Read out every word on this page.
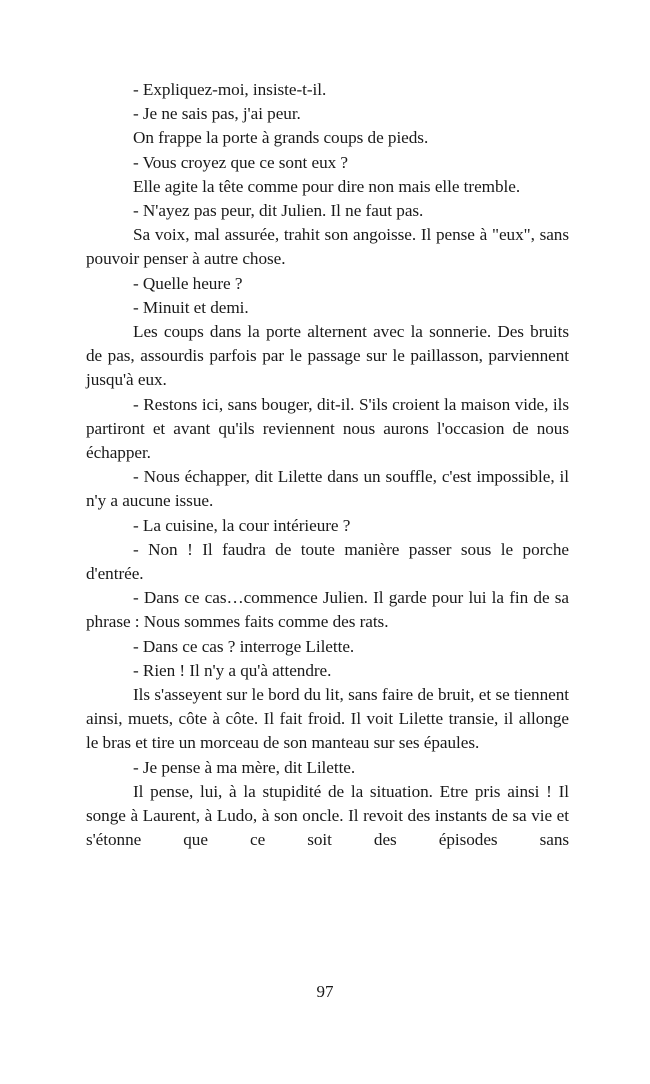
- Expliquez-moi, insiste-t-il.

- Je ne sais pas, j'ai peur.

On frappe la porte à grands coups de pieds.

- Vous croyez que ce sont eux ?

Elle agite la tête comme pour dire non mais elle tremble.

- N'ayez pas peur, dit Julien. Il ne faut pas.

Sa voix, mal assurée, trahit son angoisse. Il pense à "eux", sans pouvoir penser à autre chose.

- Quelle heure ?

- Minuit et demi.

Les coups dans la porte alternent avec la sonnerie. Des bruits de pas, assourdis parfois par le passage sur le paillasson, parviennent jusqu'à eux.

- Restons ici, sans bouger, dit-il. S'ils croient la maison vide, ils partiront et avant qu'ils reviennent nous aurons l'occasion de nous échapper.

- Nous échapper, dit Lilette dans un souffle, c'est impossible, il n'y a aucune issue.

- La cuisine, la cour intérieure ?

- Non ! Il faudra de toute manière passer sous le porche d'entrée.

- Dans ce cas…commence Julien. Il garde pour lui la fin de sa phrase : Nous sommes faits comme des rats.

- Dans ce cas ? interroge Lilette.

- Rien ! Il n'y a qu'à attendre.

Ils s'asseyent sur le bord du lit, sans faire de bruit, et se tiennent ainsi, muets, côte à côte. Il fait froid. Il voit Lilette transie, il allonge le bras et tire un morceau de son manteau sur ses épaules.

- Je pense à ma mère, dit Lilette.

Il pense, lui, à la stupidité de la situation. Etre pris ainsi ! Il songe à Laurent, à Ludo, à son oncle. Il revoit des instants de sa vie et s'étonne que ce soit des épisodes sans

97
